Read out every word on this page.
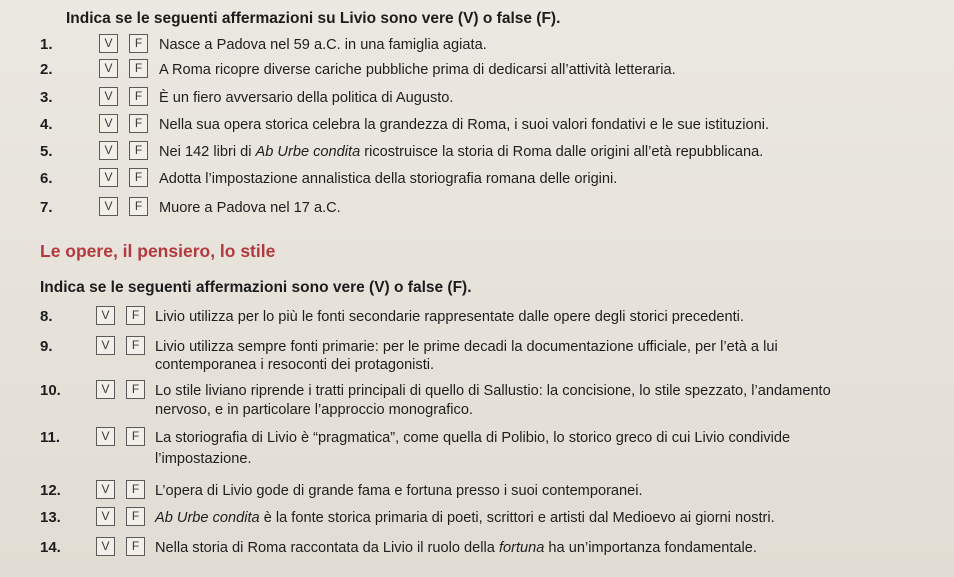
Indica se le seguenti affermazioni su Livio sono vere (V) o false (F).
1.	V	F	Nasce a Padova nel 59 a.C. in una famiglia agiata.
2.	V	F	A Roma ricopre diverse cariche pubbliche prima di dedicarsi all’attività letteraria.
3.	V	F	È un fiero avversario della politica di Augusto.
4.	V	F	Nella sua opera storica celebra la grandezza di Roma, i suoi valori fondativi e le sue istituzioni.
5.	V	F	Nei 142 libri di Ab Urbe condita ricostruisce la storia di Roma dalle origini all’età repubblicana.
6.	V	F	Adotta l’impostazione annalistica della storiografia romana delle origini.
7.	V	F	Muore a Padova nel 17 a.C.
Le opere, il pensiero, lo stile
Indica se le seguenti affermazioni sono vere (V) o false (F).
8.	V	F	Livio utilizza per lo più le fonti secondarie rappresentate dalle opere degli storici precedenti.
9.	V	F	Livio utilizza sempre fonti primarie: per le prime decadi la documentazione ufficiale, per l’età a lui
contemporanea i resoconti dei protagonisti.
10.	V	F	Lo stile liviano riprende i tratti principali di quello di Sallustio: la concisione, lo stile spezzato, l’andamento
nervoso, e in particolare l’approccio monografico.
11.	V	F	La storiografia di Livio è “pragmatica”, come quella di Polibio, lo storico greco di cui Livio condivide
l’impostazione.
12.	V	F	L’opera di Livio gode di grande fama e fortuna presso i suoi contemporanei.
13.	V	F	Ab Urbe condita è la fonte storica primaria di poeti, scrittori e artisti dal Medioevo ai giorni nostri.
14.	V	F	Nella storia di Roma raccontata da Livio il ruolo della fortuna ha un’importanza fondamentale.
